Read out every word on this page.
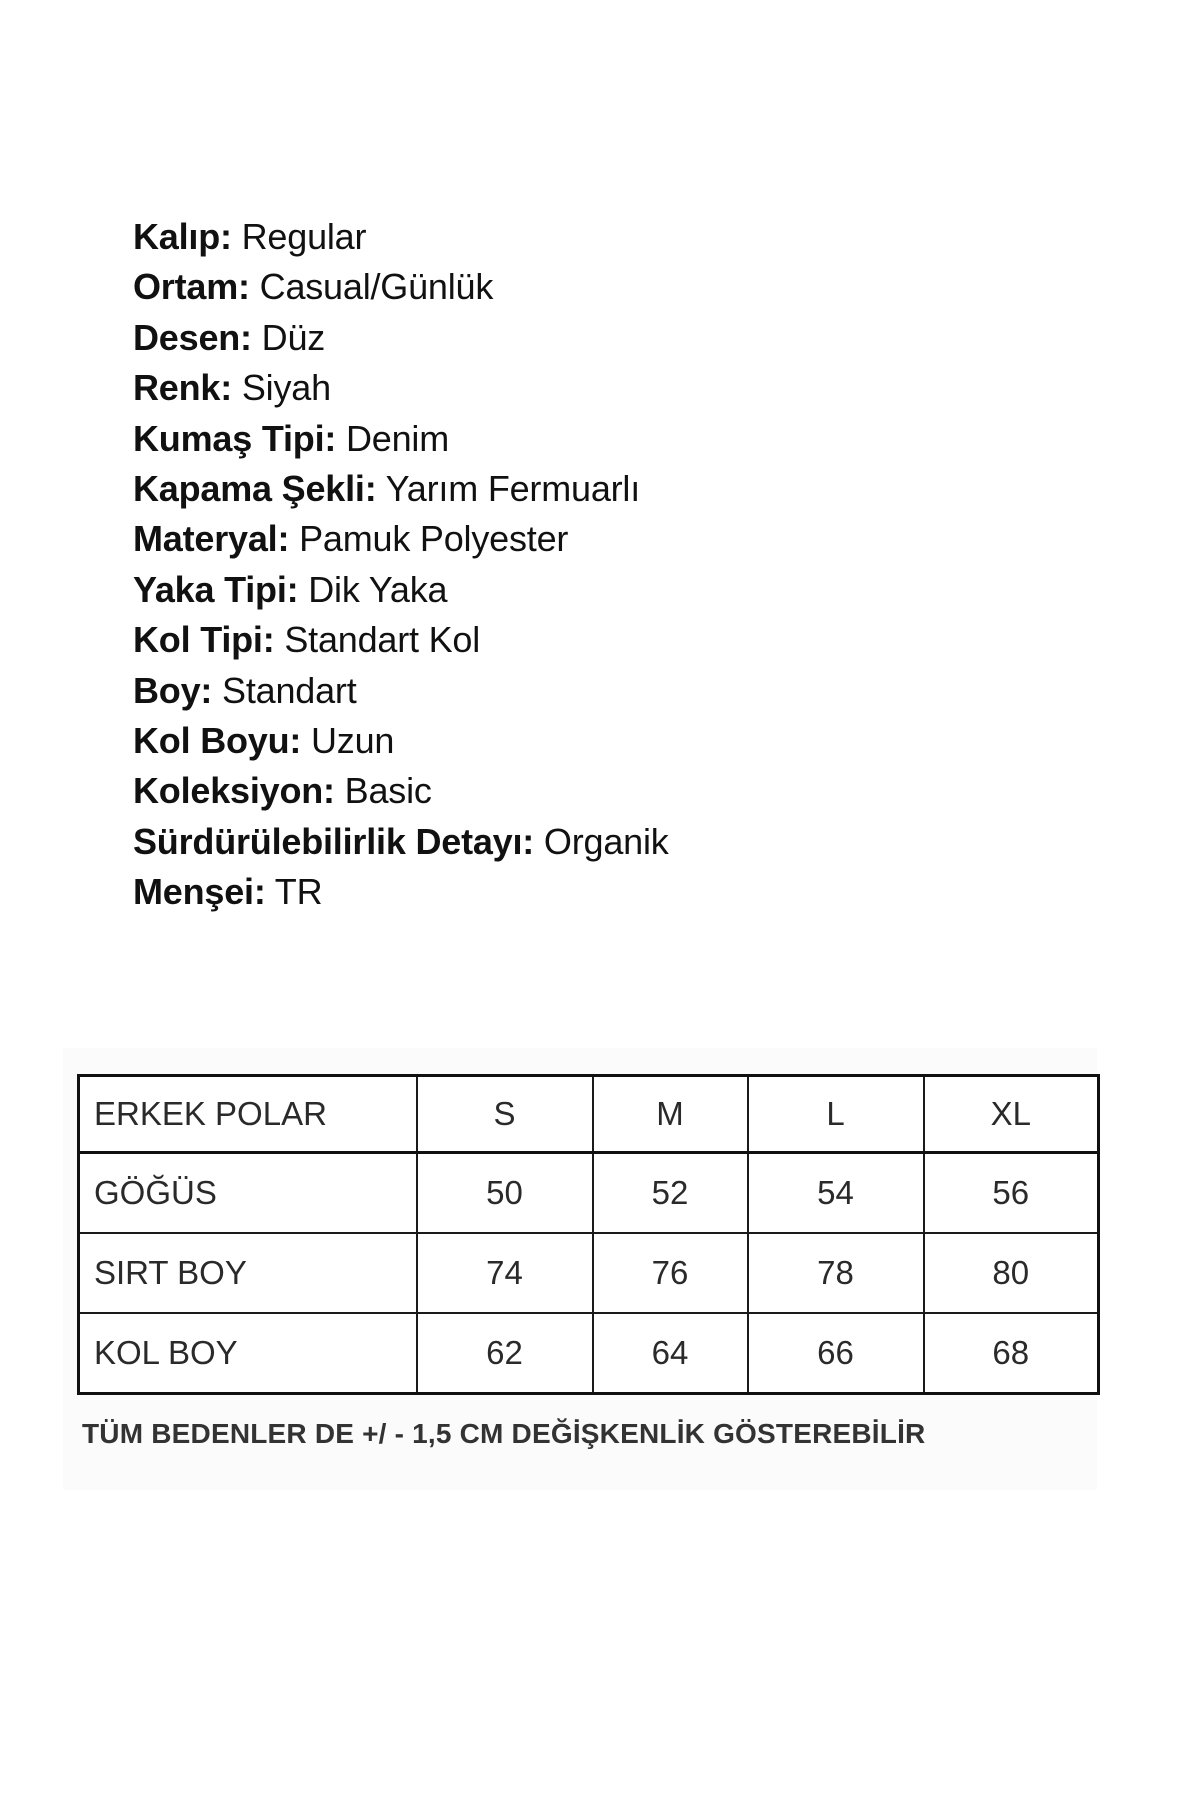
Kalıp: Regular
Ortam: Casual/Günlük
Desen: Düz
Renk: Siyah
Kumaş Tipi: Denim
Kapama Şekli: Yarım Fermuarlı
Materyal: Pamuk Polyester
Yaka Tipi: Dik Yaka
Kol Tipi: Standart Kol
Boy: Standart
Kol Boyu: Uzun
Koleksiyon: Basic
Sürdürülebilirlik Detayı: Organik
Menşei: TR
ERKEK POLAR	S	M	L	XL
GÖĞÜS	50	52	54	56
SIRT BOY	74	76	78	80
KOL BOY	62	64	66	68
TÜM BEDENLER DE +/ - 1,5 CM DEĞİŞKENLİK GÖSTEREBİLİR
